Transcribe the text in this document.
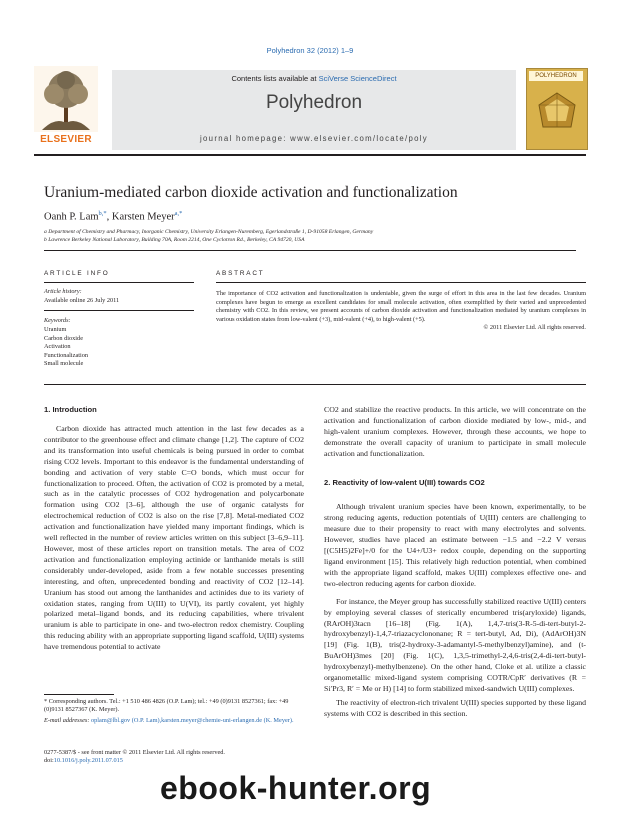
Polyhedron 32 (2012) 1–9
ELSEVIER
Contents lists available at SciVerse ScienceDirect
Polyhedron
journal homepage: www.elsevier.com/locate/poly
POLYHEDRON
Uranium-mediated carbon dioxide activation and functionalization
Oanh P. Lam$^{b,*}$, Karsten Meyer$^{a,*}$
a Department of Chemistry and Pharmacy, Inorganic Chemistry, University Erlangen-Nuremberg, Egerlandstraße 1, D-91058 Erlangen, Germany
b Lawrence Berkeley National Laboratory, Building 70A, Room 2214, One Cyclotron Rd., Berkeley, CA 94720, USA
ARTICLE INFO
Article history:
Available online 26 July 2011
Keywords:
Uranium
Carbon dioxide
Activation
Functionalization
Small molecule
ABSTRACT
The importance of CO2 activation and functionalization is undeniable, given the surge of effort in this area in the last few decades. Uranium complexes have begun to emerge as excellent candidates for small molecule activation, often exemplified by their varied and unprecedented chemistry with CO2. In this review, we present accounts of carbon dioxide activation and functionalization mediated by uranium complexes in various oxidation states from low-valent (+3), mid-valent (+4), to high-valent (+5).
© 2011 Elsevier Ltd. All rights reserved.
1. Introduction

Carbon dioxide has attracted much attention in the last few decades as a contributor to the greenhouse effect and climate change [1,2]. The capture of CO2 and its transformation into useful chemicals is being pursued in order to combat rising CO2 levels. Important to this endeavor is the fundamental understanding of bonding and activation of very stable C=O bonds, which must occur for functionalization to proceed. Often, the activation of CO2 is promoted by a metal, such as in the catalytic processes of CO2 hydrogenation and polycarbonate formation using CO2 [3–6], although the use of organic catalysts for electrochemical reduction of CO2 is also on the rise [7,8]. Metal-mediated CO2 activation and functionalization have yielded many important findings, which is well reflected in the number of review articles written on this subject [3–6,9–11]. However, most of these articles report on transition metals. The area of CO2 activation and functionalization employing actinide or lanthanide metals is still considerably under-developed, aside from a few notable successes presenting interesting, and often, unprecedented bonding and reactivity of CO2 [12–14]. Uranium has stood out among the lanthanides and actinides due to its variety of oxidation states, ranging from U(III) to U(VI), its partly covalent, yet highly polarized metal–ligand bonds, and its reducing capabilities, where trivalent uranium is able to participate in one- and two-electron redox chemistry. Coupling this reducing ability with an appropriate supporting ligand scaffold, U(III) systems have tremendous potential to activate

* Corresponding authors. Tel.: +1 510 486 4826 (O.P. Lam); tel.: +49 (0)9131 8527361; fax: +49 (0)9131 8527367 (K. Meyer).
E-mail addresses: oplam@lbl.gov (O.P. Lam),karsten.meyer@chemie-uni-erlangen.de (K. Meyer).
0277-5387/$ - see front matter © 2011 Elsevier Ltd. All rights reserved.
doi:10.1016/j.poly.2011.07.015

CO2 and stabilize the reactive products. In this article, we will concentrate on the activation and functionalization of carbon dioxide mediated by low-, mid-, and high-valent uranium complexes. However, through these accounts, we hope to demonstrate the overall capacity of uranium to participate in small molecule activation and functionalization.

2. Reactivity of low-valent U(III) towards CO2

Although trivalent uranium species have been known, experimentally, to be strong reducing agents, reduction potentials of U(III) centers are challenging to measure due to their propensity to react with many electrolytes and solvents. However, studies have placed an estimate between −1.5 and −2.2 V versus [(C5H5)2Fe]+/0 for the U4+/U3+ redox couple, depending on the supporting ligand environment [15]. This relatively high reduction potential, when combined with the appropriate ligand scaffold, makes U(III) complexes effective one- and two-electron reducing agents for carbon dioxide.

For instance, the Meyer group has successfully stabilized reactive U(III) centers by employing several classes of sterically encumbered tris(aryloxide) ligands, (RArOH)3tacn [16–18] (Fig. 1(A), 1,4,7-tris(3-R-5-di-tert-butyl-2-hydroxybenzyl)-1,4,7-triazacyclononane; R = tert-butyl, Ad, Di), (AdArOH)3N [19] (Fig. 1(B), tris(2-hydroxy-3-adamantyl-5-methylbenzyl)amine), and (t-BuArOH)3mes [20] (Fig. 1(C), 1,3,5-trimethyl-2,4,6-tris(2,4-di-tert-butyl- hydroxybenzyl)-methylbenzene). On the other hand, Cloke et al. utilize a classic organometallic mixed-ligand system comprising COTR/CpR′ derivatives (R = Si′Pr3, R′ = Me or H) [14] to form stabilized mixed-sandwich U(III) complexes.

The reactivity of electron-rich trivalent U(III) species supported by these ligand systems with CO2 is described in this section.

ebook-hunter.org
